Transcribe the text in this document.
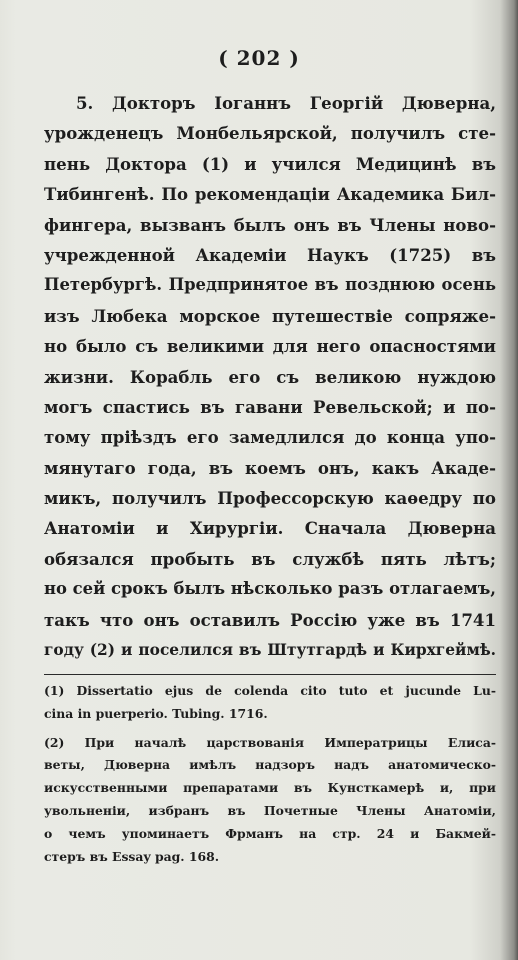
( 202 )
5. Докторъ Іоганнъ Георгій Дюверна,
урожденецъ Монбельярской, получилъ сте-
пень Доктора (1) и учился Медицинѣ въ
Тибингенѣ. По рекомендаціи Академика Бил-
фингера, вызванъ былъ онъ въ Члены ново-
учрежденной Академіи Наукъ (1725) въ
Петербургѣ. Предпринятое въ позднюю осень
изъ Любека морское путешествіе сопряже-
но было съ великими для него опасностями
жизни. Корабль его съ великою нуждою
могъ спастись въ гавани Ревельской; и по-
тому пріѣздъ его замедлился до конца упо-
мянутаго года, въ коемъ онъ, какъ Акаде-
микъ, получилъ Профессорскую каѳедру по
Анатоміи и Хирургіи. Сначала Дюверна
обязался пробыть въ службѣ пять лѣтъ;
но сей срокъ былъ нѣсколько разъ отлагаемъ,
такъ что онъ оставилъ Россію уже въ 1741
году (2) и поселился въ Штутгардѣ и Кирхгеймѣ.
(1) Dissertatio ejus de colenda cito tuto et jucunde Lu-
cina in puerperio. Tubing. 1716.
(2) При началѣ царствованія Императрицы Елиса-
веты, Дюверна имѣлъ надзоръ надъ анатомическо-
искусственными препаратами въ Кунсткамерѣ и, при
увольненіи, избранъ въ Почетные Члены Анатоміи,
о чемъ упоминаетъ Фрманъ на стр. 24 и Бакмей-
стеръ въ Essay pag. 168.
